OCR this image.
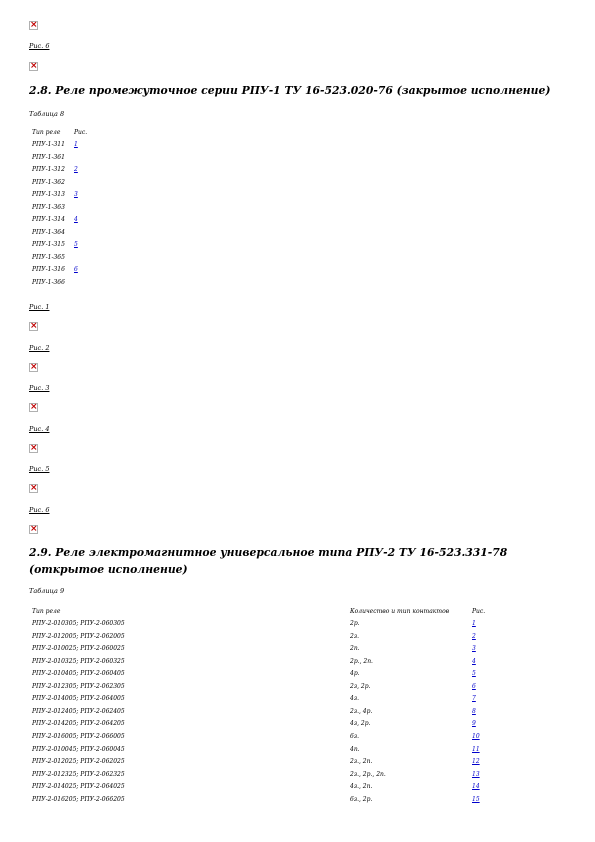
×
Рис. 6
×
2.8. Реле промежуточное серии РПУ-1 ТУ 16-523.020-76 (закрытое исполнение)
Таблица 8
Тип реле Рис.
РПУ-1-311 1
РПУ-1-361
РПУ-1-312 2
РПУ-1-362
РПУ-1-313 3
РПУ-1-363
РПУ-1-314 4
РПУ-1-364
РПУ-1-315 5
РПУ-1-365
РПУ-1-316 6
РПУ-1-366
Рис. 1
×
Рис. 2
×
Рис. 3
×
Рис. 4
×
Рис. 5
×
Рис. 6
×
2.9. Реле электромагнитное универсальное типа РПУ-2 ТУ 16-523.331-78
(открытое исполнение)
Таблица 9
Тип реле	Количество и тип контактов	Рис.
РПУ-2-010305; РПУ-2-060305	2р.	1
РПУ-2-012005; РПУ-2-062005	2з.	2
РПУ-2-010025; РПУ-2-060025	2п.	3
РПУ-2-010325; РПУ-2-060325	2р., 2п.	4
РПУ-2-010405; РПУ-2-060405	4р.	5
РПУ-2-012305; РПУ-2-062305	2з, 2р.	6
РПУ-2-014005; РПУ-2-064005	4з.	7
РПУ-2-012405; РПУ-2-062405	2з., 4р.	8
РПУ-2-014205; РПУ-2-064205	4з, 2р.	9
РПУ-2-016005; РПУ-2-066005	6з.	10
РПУ-2-010045; РПУ-2-060045	4п.	11
РПУ-2-012025; РПУ-2-062025	2з., 2п.	12
РПУ-2-012325; РПУ-2-062325	2з., 2р., 2п.	13
РПУ-2-014025; РПУ-2-064025	4з., 2п.	14
РПУ-2-016205; РПУ-2-066205	6з., 2р.	15
